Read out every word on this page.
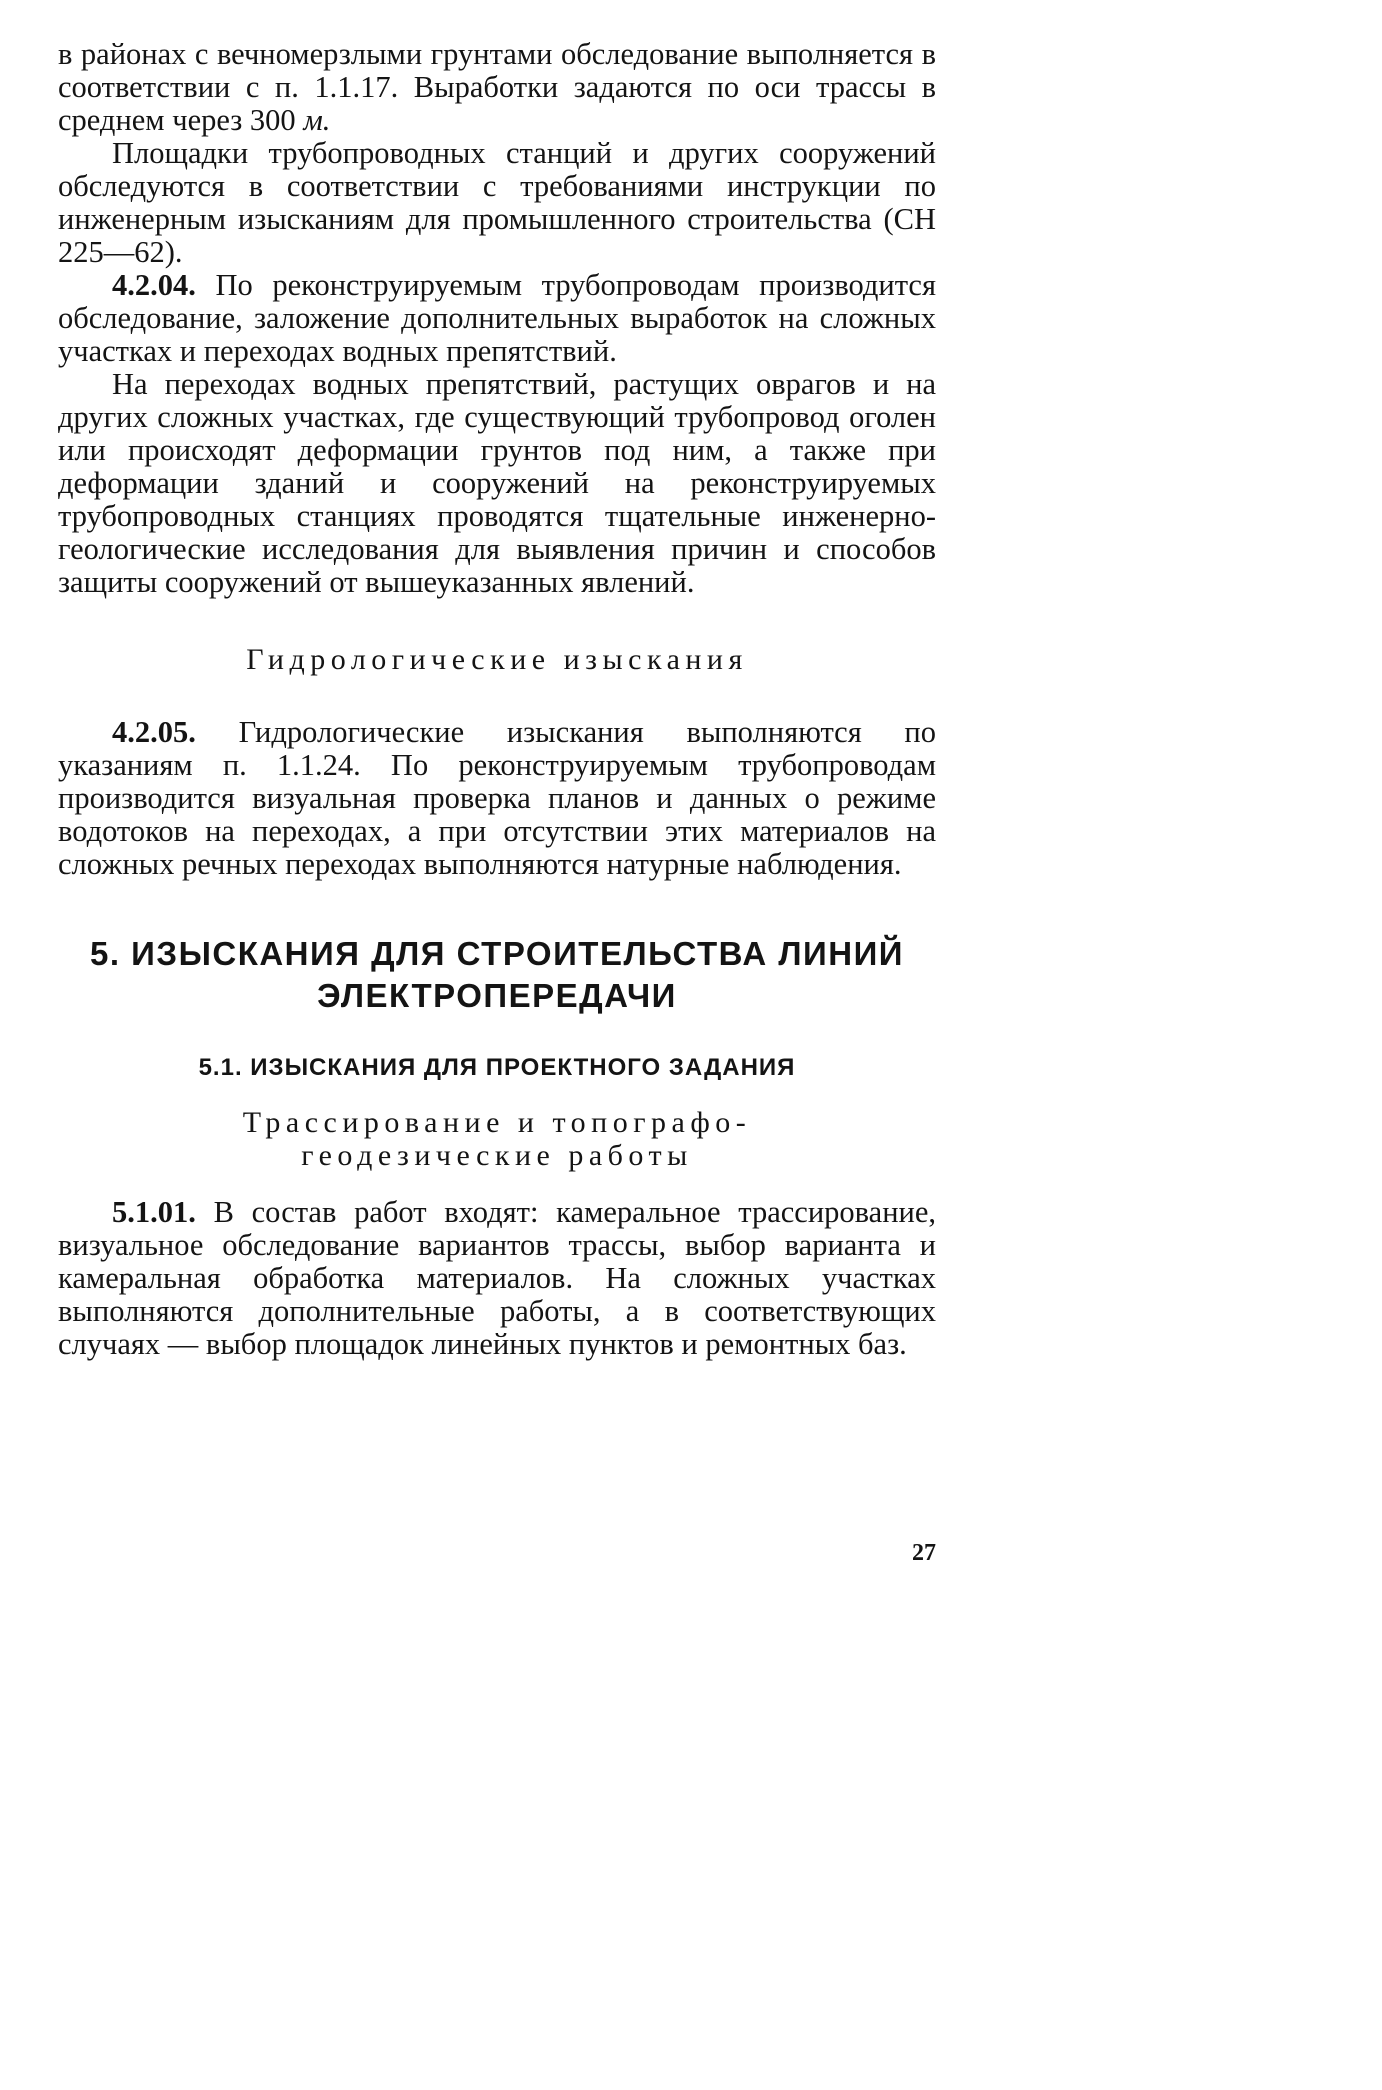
в районах с вечномерзлыми грунтами обследование выполняется в соответствии с п. 1.1.17. Выработки задаются по оси трассы в среднем через 300 м.

Площадки трубопроводных станций и других сооружений обследуются в соответствии с требованиями инструкции по инженерным изысканиям для промышленного строительства (СН 225—62).

4.2.04. По реконструируемым трубопроводам производится обследование, заложение дополнительных выработок на сложных участках и переходах водных препятствий.

На переходах водных препятствий, растущих оврагов и на других сложных участках, где существующий трубопровод оголен или происходят деформации грунтов под ним, а также при деформации зданий и сооружений на реконструируемых трубопроводных станциях проводятся тщательные инженерно-геологические исследования для выявления причин и способов защиты сооружений от вышеуказанных явлений.

Гидрологические изыскания

4.2.05. Гидрологические изыскания выполняются по указаниям п. 1.1.24. По реконструируемым трубопроводам производится визуальная проверка планов и данных о режиме водотоков на переходах, а при отсутствии этих материалов на сложных речных переходах выполняются натурные наблюдения.

5. ИЗЫСКАНИЯ ДЛЯ СТРОИТЕЛЬСТВА ЛИНИЙ
ЭЛЕКТРОПЕРЕДАЧИ
5.1. ИЗЫСКАНИЯ ДЛЯ ПРОЕКТНОГО ЗАДАНИЯ
Трассирование и топографо-
геодезические работы

5.1.01. В состав работ входят: камеральное трассирование, визуальное обследование вариантов трассы, выбор варианта и камеральная обработка материалов. На сложных участках выполняются дополнительные работы, а в соответствующих случаях — выбор площадок линейных пунктов и ремонтных баз.

27
